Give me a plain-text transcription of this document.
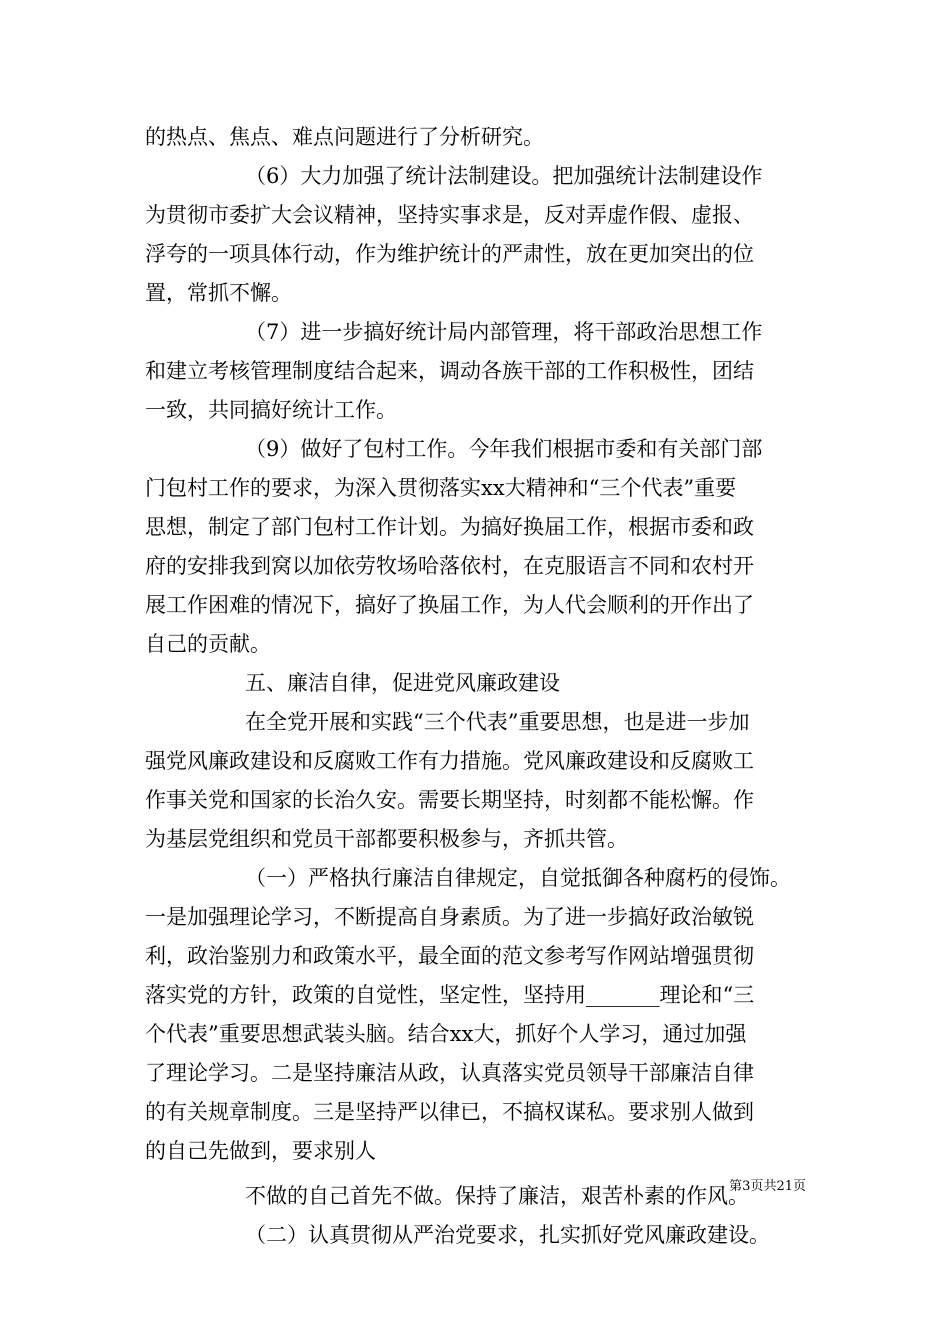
的热点、焦点、难点问题进行了分析研究。
（6）大力加强了统计法制建设。把加强统计法制建设作
为贯彻市委扩大会议精神，坚持实事求是，反对弄虚作假、虚报、
浮夸的一项具体行动，作为维护统计的严肃性，放在更加突出的位
置，常抓不懈。
（7）进一步搞好统计局内部管理，将干部政治思想工作
和建立考核管理制度结合起来，调动各族干部的工作积极性，团结
一致，共同搞好统计工作。
（9）做好了包村工作。今年我们根据市委和有关部门部
门包村工作的要求，为深入贯彻落实xx大精神和“三个代表”重要
思想，制定了部门包村工作计划。为搞好换届工作，根据市委和政
府的安排我到窝以加依劳牧场哈落依村，在克服语言不同和农村开
展工作困难的情况下，搞好了换届工作，为人代会顺利的开作出了
自己的贡献。
五、廉洁自律，促进党风廉政建设
在全党开展和实践“三个代表”重要思想，也是进一步加
强党风廉政建设和反腐败工作有力措施。党风廉政建设和反腐败工
作事关党和国家的长治久安。需要长期坚持，时刻都不能松懈。作
为基层党组织和党员干部都要积极参与，齐抓共管。
（一）严格执行廉洁自律规定，自觉抵御各种腐朽的侵饰。
一是加强理论学习，不断提高自身素质。为了进一步搞好政治敏锐
利，政治鉴别力和政策水平，最全面的范文参考写作网站增强贯彻
落实党的方针，政策的自觉性，坚定性，坚持用_______理论和“三
个代表”重要思想武装头脑。结合xx大，抓好个人学习，通过加强
了理论学习。二是坚持廉洁从政，认真落实党员领导干部廉洁自律
的有关规章制度。三是坚持严以律已，不搞权谋私。要求别人做到
的自己先做到，要求别人
不做的自己首先不做。保持了廉洁，艰苦朴素的作风。
（二）认真贯彻从严治党要求，扎实抓好党风廉政建设。
第3页共21页
